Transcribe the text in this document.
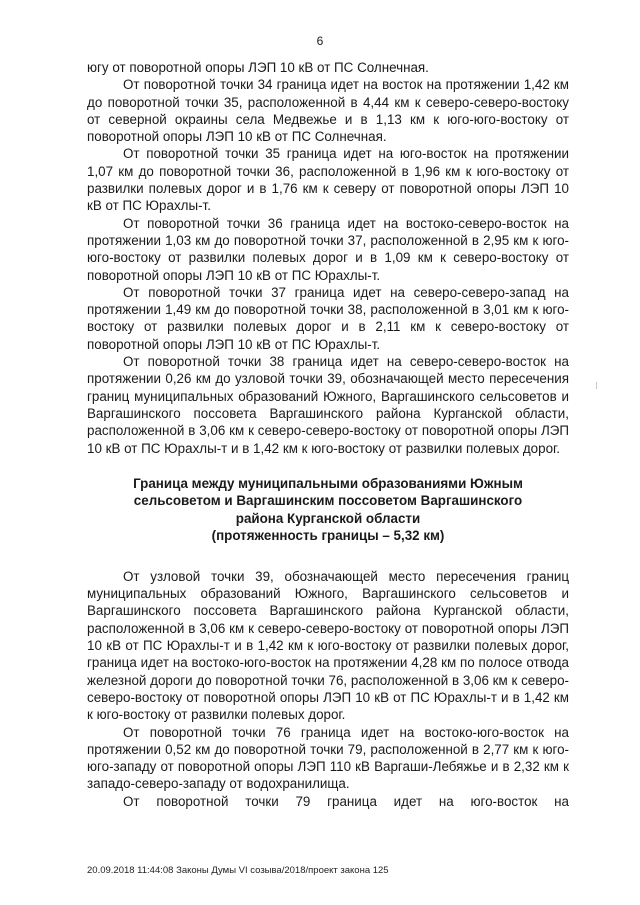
6

югу от поворотной опоры ЛЭП 10 кВ от ПС Солнечная.

От поворотной точки 34 граница идет на восток на протяжении 1,42 км до поворотной точки 35, расположенной в 4,44 км к северо-северо-востоку от северной окраины села Медвежье и в 1,13 км к юго-юго-востоку от поворотной опоры ЛЭП 10 кВ от ПС Солнечная.

От поворотной точки 35 граница идет на юго-восток на протяжении 1,07 км до поворотной точки 36, расположенной в 1,96 км к юго-востоку от развилки полевых дорог и в 1,76 км к северу от поворотной опоры ЛЭП 10 кВ от ПС Юрахлы-т.

От поворотной точки 36 граница идет на востоко-северо-восток на протяжении 1,03 км до поворотной точки 37, расположенной в 2,95 км к юго-юго-востоку от развилки полевых дорог и в 1,09 км к северо-востоку от поворотной опоры ЛЭП 10 кВ от ПС Юрахлы-т.

От поворотной точки 37 граница идет на северо-северо-запад на протяжении 1,49 км до поворотной точки 38, расположенной в 3,01 км к юго-востоку от развилки полевых дорог и в 2,11 км к северо-востоку от поворотной опоры ЛЭП 10 кВ от ПС Юрахлы-т.

От поворотной точки 38 граница идет на северо-северо-восток на протяжении 0,26 км до узловой точки 39, обозначающей место пересечения границ муниципальных образований Южного, Варгашинского сельсоветов и Варгашинского поссовета Варгашинского района Курганской области, расположенной в 3,06 км к северо-северо-востоку от поворотной опоры ЛЭП 10 кВ от ПС Юрахлы-т и в 1,42 км к юго-востоку от развилки полевых дорог.

Граница между муниципальными образованиями Южным
сельсоветом и Варгашинским поссоветом Варгашинского
района Курганской области
(протяженность границы – 5,32 км)

От узловой точки 39, обозначающей место пересечения границ муниципальных образований Южного, Варгашинского сельсоветов и Варгашинского поссовета Варгашинского района Курганской области, расположенной в 3,06 км к северо-северо-востоку от поворотной опоры ЛЭП 10 кВ от ПС Юрахлы-т и в 1,42 км к юго-востоку от развилки полевых дорог, граница идет на востоко-юго-восток на протяжении 4,28 км по полосе отвода железной дороги до поворотной точки 76, расположенной в 3,06 км к северо-северо-востоку от поворотной опоры ЛЭП 10 кВ от ПС Юрахлы-т и в 1,42 км к юго-востоку от развилки полевых дорог.

От поворотной точки 76 граница идет на востоко-юго-восток на протяжении 0,52 км до поворотной точки 79, расположенной в 2,77 км к юго-юго-западу от поворотной опоры ЛЭП 110 кВ Варгаши-Лебяжье и в 2,32 км к западо-северо-западу от водохранилища.

От поворотной точки 79 граница идет на юго-восток на

20.09.2018 11:44:08 Законы Думы VI созыва/2018/проект закона 125
